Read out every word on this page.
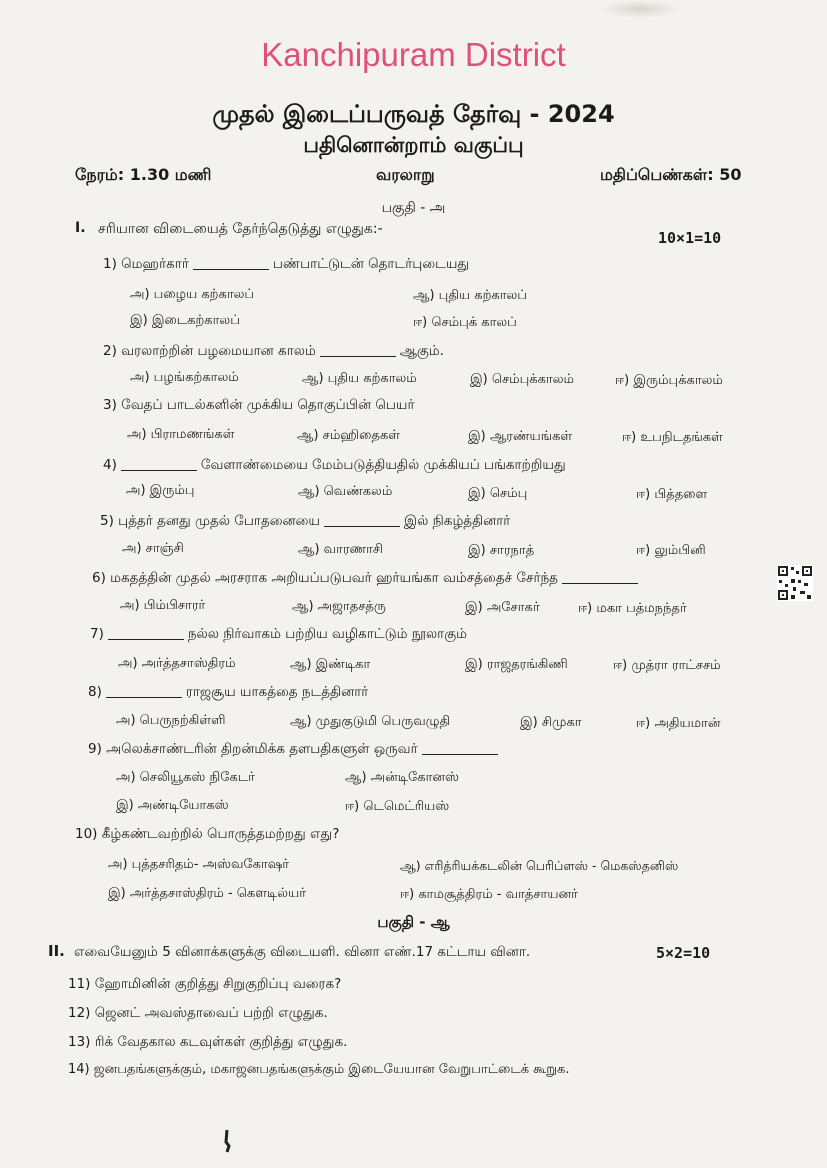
Kanchipuram District
முதல் இடைப்பருவத் தேர்வு - 2024
பதினொன்றாம் வகுப்பு
நேரம்: 1.30 மணி	வரலாறு	மதிப்பெண்கள்: 50
பகுதி - அ
I. சரியான விடையைத் தேர்ந்தெடுத்து எழுதுக:-	10×1=10
1) மெஹர்கார்	பண்பாட்டுடன் தொடர்புடையது
அ) பழைய கற்காலப்	ஆ) புதிய கற்காலப்
இ) இடைகற்காலப்	ஈ) செம்புக் காலப்
2) வரலாற்றின் பழமையான காலம்	ஆகும்.
அ) பழங்கற்காலம்	ஆ) புதிய கற்காலம்	இ) செம்புக்காலம்	ஈ) இரும்புக்காலம்
3) வேதப் பாடல்களின் முக்கிய தொகுப்பின் பெயர்
அ) பிராமணங்கள்	ஆ) சம்ஹிதைகள்	இ) ஆரண்யங்கள்	ஈ) உபநிடதங்கள்
4)	வேளாண்மையை மேம்படுத்தியதில் முக்கியப் பங்காற்றியது
அ) இரும்பு	ஆ) வெண்கலம்	இ) செம்பு	ஈ) பித்தளை
5) புத்தர் தனது முதல் போதனையை	இல் நிகழ்த்தினார்
அ) சாஞ்சி	ஆ) வாரணாசி	இ) சாரநாத்	ஈ) லும்பினி
6) மகதத்தின் முதல் அரசராக அறியப்படுபவர் ஹர்யங்கா வம்சத்தைச் சேர்ந்த
அ) பிம்பிசாரர்	ஆ) அஜாதசத்ரு	இ) அசோகர்	ஈ) மகா பத்மநந்தர்
7)	நல்ல நிர்வாகம் பற்றிய வழிகாட்டும் நூலாகும்
அ) அர்த்தசாஸ்திரம்	ஆ) இண்டிகா	இ) ராஜதரங்கிணி	ஈ) முத்ரா ராட்சசம்
8)	ராஜசூய யாகத்தை நடத்தினார்
அ) பெருநற்கிள்ளி	ஆ) முதுகுடுமி பெருவழுதி	இ) சிமுகா	ஈ) அதியமான்
9) அலெக்சாண்டரின் திறன்மிக்க தளபதிகளுள் ஒருவர்
அ) செலியூகஸ் நிகேடர்	ஆ) அன்டிகோனஸ்
இ) அண்டியோகஸ்	ஈ) டெமெட்ரியஸ்
10) கீழ்கண்டவற்றில் பொருத்தமற்றது எது?
அ) புத்தசரிதம்- அஸ்வகோஷர்	ஆ) எரித்ரியக்கடலின் பெரிப்ளஸ் - மெகஸ்தனிஸ்
இ) அர்த்தசாஸ்திரம் - கௌடில்யர்	ஈ) காமசூத்திரம் - வாத்சாயனர்
பகுதி - ஆ
II. எவையேனும் 5 வினாக்களுக்கு விடையளி. வினா எண்.17 கட்டாய வினா.	5×2=10
11) ஹோமினின் குறித்து சிறுகுறிப்பு வரைக?
12) ஜெனட் அவஸ்தாவைப் பற்றி எழுதுக.
13) ரிக் வேதகால கடவுள்கள் குறித்து எழுதுக.
14) ஜனபதங்களுக்கும், மகாஜனபதங்களுக்கும் இடையேயான வேறுபாட்டைக் கூறுக.
